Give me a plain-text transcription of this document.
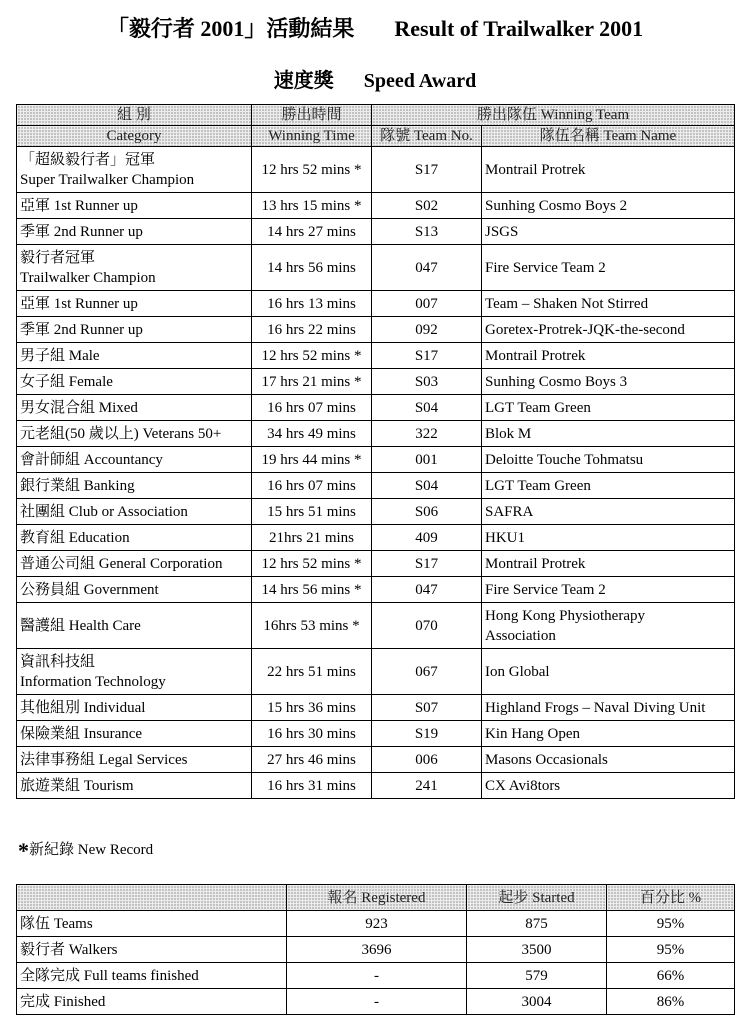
「毅行者 2001」活動結果 Result of Trailwalker 2001
速度獎 Speed Award
組 別	勝出時間	勝出隊伍 Winning Team	
Category	Winning Time	隊號 Team No.	隊伍名稱 Team Name

「超級毅行者」冠軍
Super Trailwalker Champion	12 hrs 52 mins *	S17	Montrail Protrek

亞軍 1st Runner up	13 hrs 15 mins *	S02	Sunhing Cosmo Boys 2

季軍 2nd Runner up	14 hrs 27 mins	S13	JSGS

毅行者冠軍
Trailwalker Champion	14 hrs 56 mins	047	Fire Service Team 2

亞軍 1st Runner up	16 hrs 13 mins	007	Team – Shaken Not Stirred

季軍 2nd Runner up	16 hrs 22 mins	092	Goretex-Protrek-JQK-the-second

男子組 Male	12 hrs 52 mins *	S17	Montrail Protrek

女子組 Female	17 hrs 21 mins *	S03	Sunhing Cosmo Boys 3

男女混合組 Mixed	16 hrs 07 mins	S04	LGT Team Green

元老組(50 歲以上) Veterans 50+	34 hrs 49 mins	322	Blok M

會計師組 Accountancy	19 hrs 44 mins *	001	Deloitte Touche Tohmatsu

銀行業組 Banking	16 hrs 07 mins	S04	LGT Team Green

社團組 Club or Association	15 hrs 51 mins	S06	SAFRA

教育組 Education	21hrs 21 mins	409	HKU1

普通公司組 General Corporation	12 hrs 52 mins *	S17	Montrail Protrek

公務員組 Government	14 hrs 56 mins *	047	Fire Service Team 2

醫護組 Health Care	16hrs 53 mins *	070	Hong Kong Physiotherapy
Association

資訊科技組
Information Technology	22 hrs 51 mins	067	Ion Global

其他組別 Individual	15 hrs 36 mins	S07	Highland Frogs – Naval Diving Unit

保險業組 Insurance	16 hrs 30 mins	S19	Kin Hang Open

法律事務組 Legal Services	27 hrs 46 mins	006	Masons Occasionals

旅遊業組 Tourism	16 hrs 31 mins	241	CX Avi8tors
*新紀錄 New Record
	報名 Registered	起步 Started	百分比 %
隊伍 Teams	923	875	95%
毅行者 Walkers	3696	3500	95%
全隊完成 Full teams finished	-	579	66%
完成 Finished	-	3004	86%
